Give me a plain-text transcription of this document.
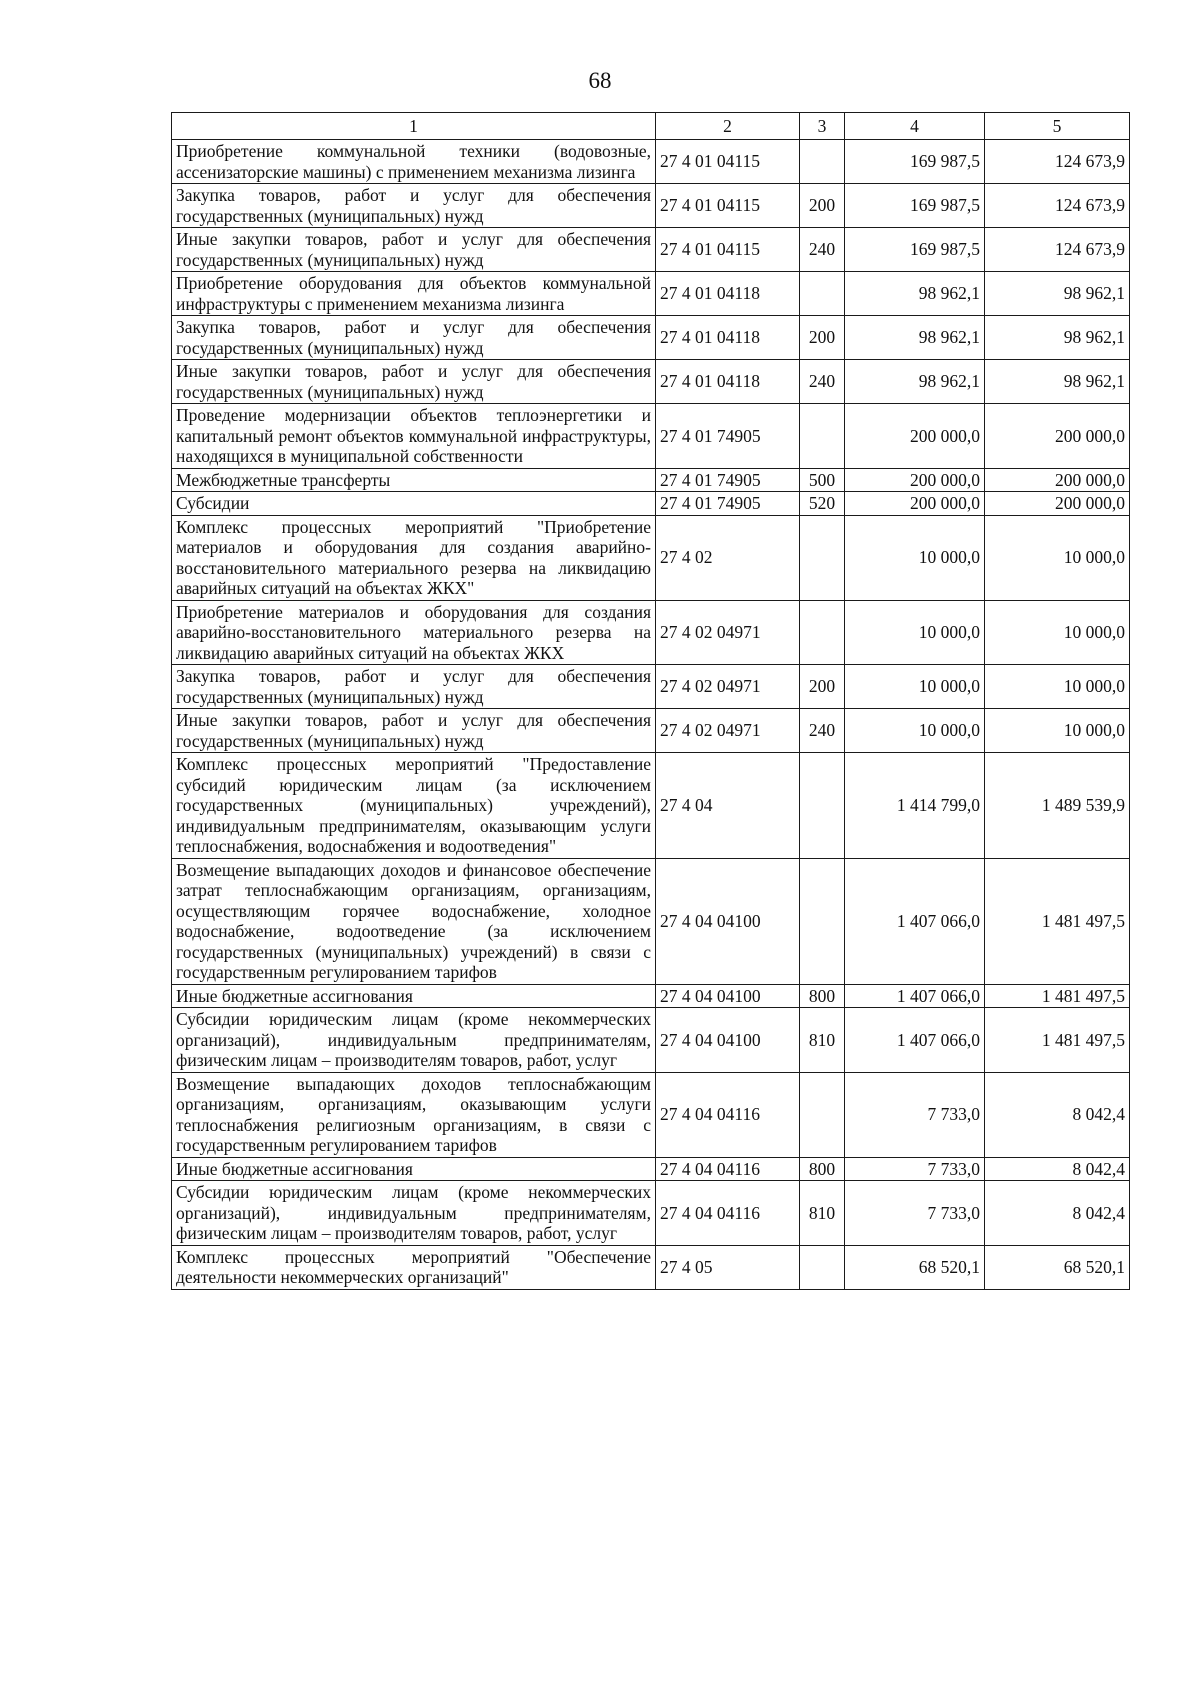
68
1	2	3	4	5
Приобретение коммунальной техники (водовозные, ассенизаторские машины) с применением механизма лизинга	27 4 01 04115		169 987,5	124 673,9
Закупка товаров, работ и услуг для обеспечения государственных (муниципальных) нужд	27 4 01 04115	200	169 987,5	124 673,9
Иные закупки товаров, работ и услуг для обеспечения государственных (муниципальных) нужд	27 4 01 04115	240	169 987,5	124 673,9
Приобретение оборудования для объектов коммунальной инфраструктуры с применением механизма лизинга	27 4 01 04118		98 962,1	98 962,1
Закупка товаров, работ и услуг для обеспечения государственных (муниципальных) нужд	27 4 01 04118	200	98 962,1	98 962,1
Иные закупки товаров, работ и услуг для обеспечения государственных (муниципальных) нужд	27 4 01 04118	240	98 962,1	98 962,1
Проведение модернизации объектов теплоэнергетики и капитальный ремонт объектов коммунальной инфраструктуры, находящихся в муниципальной собственности	27 4 01 74905		200 000,0	200 000,0
Межбюджетные трансферты	27 4 01 74905	500	200 000,0	200 000,0
Субсидии	27 4 01 74905	520	200 000,0	200 000,0
Комплекс процессных мероприятий "Приобретение материалов и оборудования для создания аварийно-восстановительного материального резерва на ликвидацию аварийных ситуаций на объектах ЖКХ"	27 4 02		10 000,0	10 000,0
Приобретение материалов и оборудования для создания аварийно-восстановительного материального резерва на ликвидацию аварийных ситуаций на объектах ЖКХ	27 4 02 04971		10 000,0	10 000,0
Закупка товаров, работ и услуг для обеспечения государственных (муниципальных) нужд	27 4 02 04971	200	10 000,0	10 000,0
Иные закупки товаров, работ и услуг для обеспечения государственных (муниципальных) нужд	27 4 02 04971	240	10 000,0	10 000,0
Комплекс процессных мероприятий "Предоставление субсидий юридическим лицам (за исключением государственных (муниципальных) учреждений), индивидуальным предпринимателям, оказывающим услуги теплоснабжения, водоснабжения и водоотведения"	27 4 04		1 414 799,0	1 489 539,9
Возмещение выпадающих доходов и финансовое обеспечение затрат теплоснабжающим организациям, организациям, осуществляющим горячее водоснабжение, холодное водоснабжение, водоотведение (за исключением государственных (муниципальных) учреждений) в связи с государственным регулированием тарифов	27 4 04 04100		1 407 066,0	1 481 497,5
Иные бюджетные ассигнования	27 4 04 04100	800	1 407 066,0	1 481 497,5
Субсидии юридическим лицам (кроме некоммерческих организаций), индивидуальным предпринимателям, физическим лицам – производителям товаров, работ, услуг	27 4 04 04100	810	1 407 066,0	1 481 497,5
Возмещение выпадающих доходов теплоснабжающим организациям, организациям, оказывающим услуги теплоснабжения религиозным организациям, в связи с государственным регулированием тарифов	27 4 04 04116		7 733,0	8 042,4
Иные бюджетные ассигнования	27 4 04 04116	800	7 733,0	8 042,4
Субсидии юридическим лицам (кроме некоммерческих организаций), индивидуальным предпринимателям, физическим лицам – производителям товаров, работ, услуг	27 4 04 04116	810	7 733,0	8 042,4
Комплекс процессных мероприятий "Обеспечение деятельности некоммерческих организаций"	27 4 05		68 520,1	68 520,1
